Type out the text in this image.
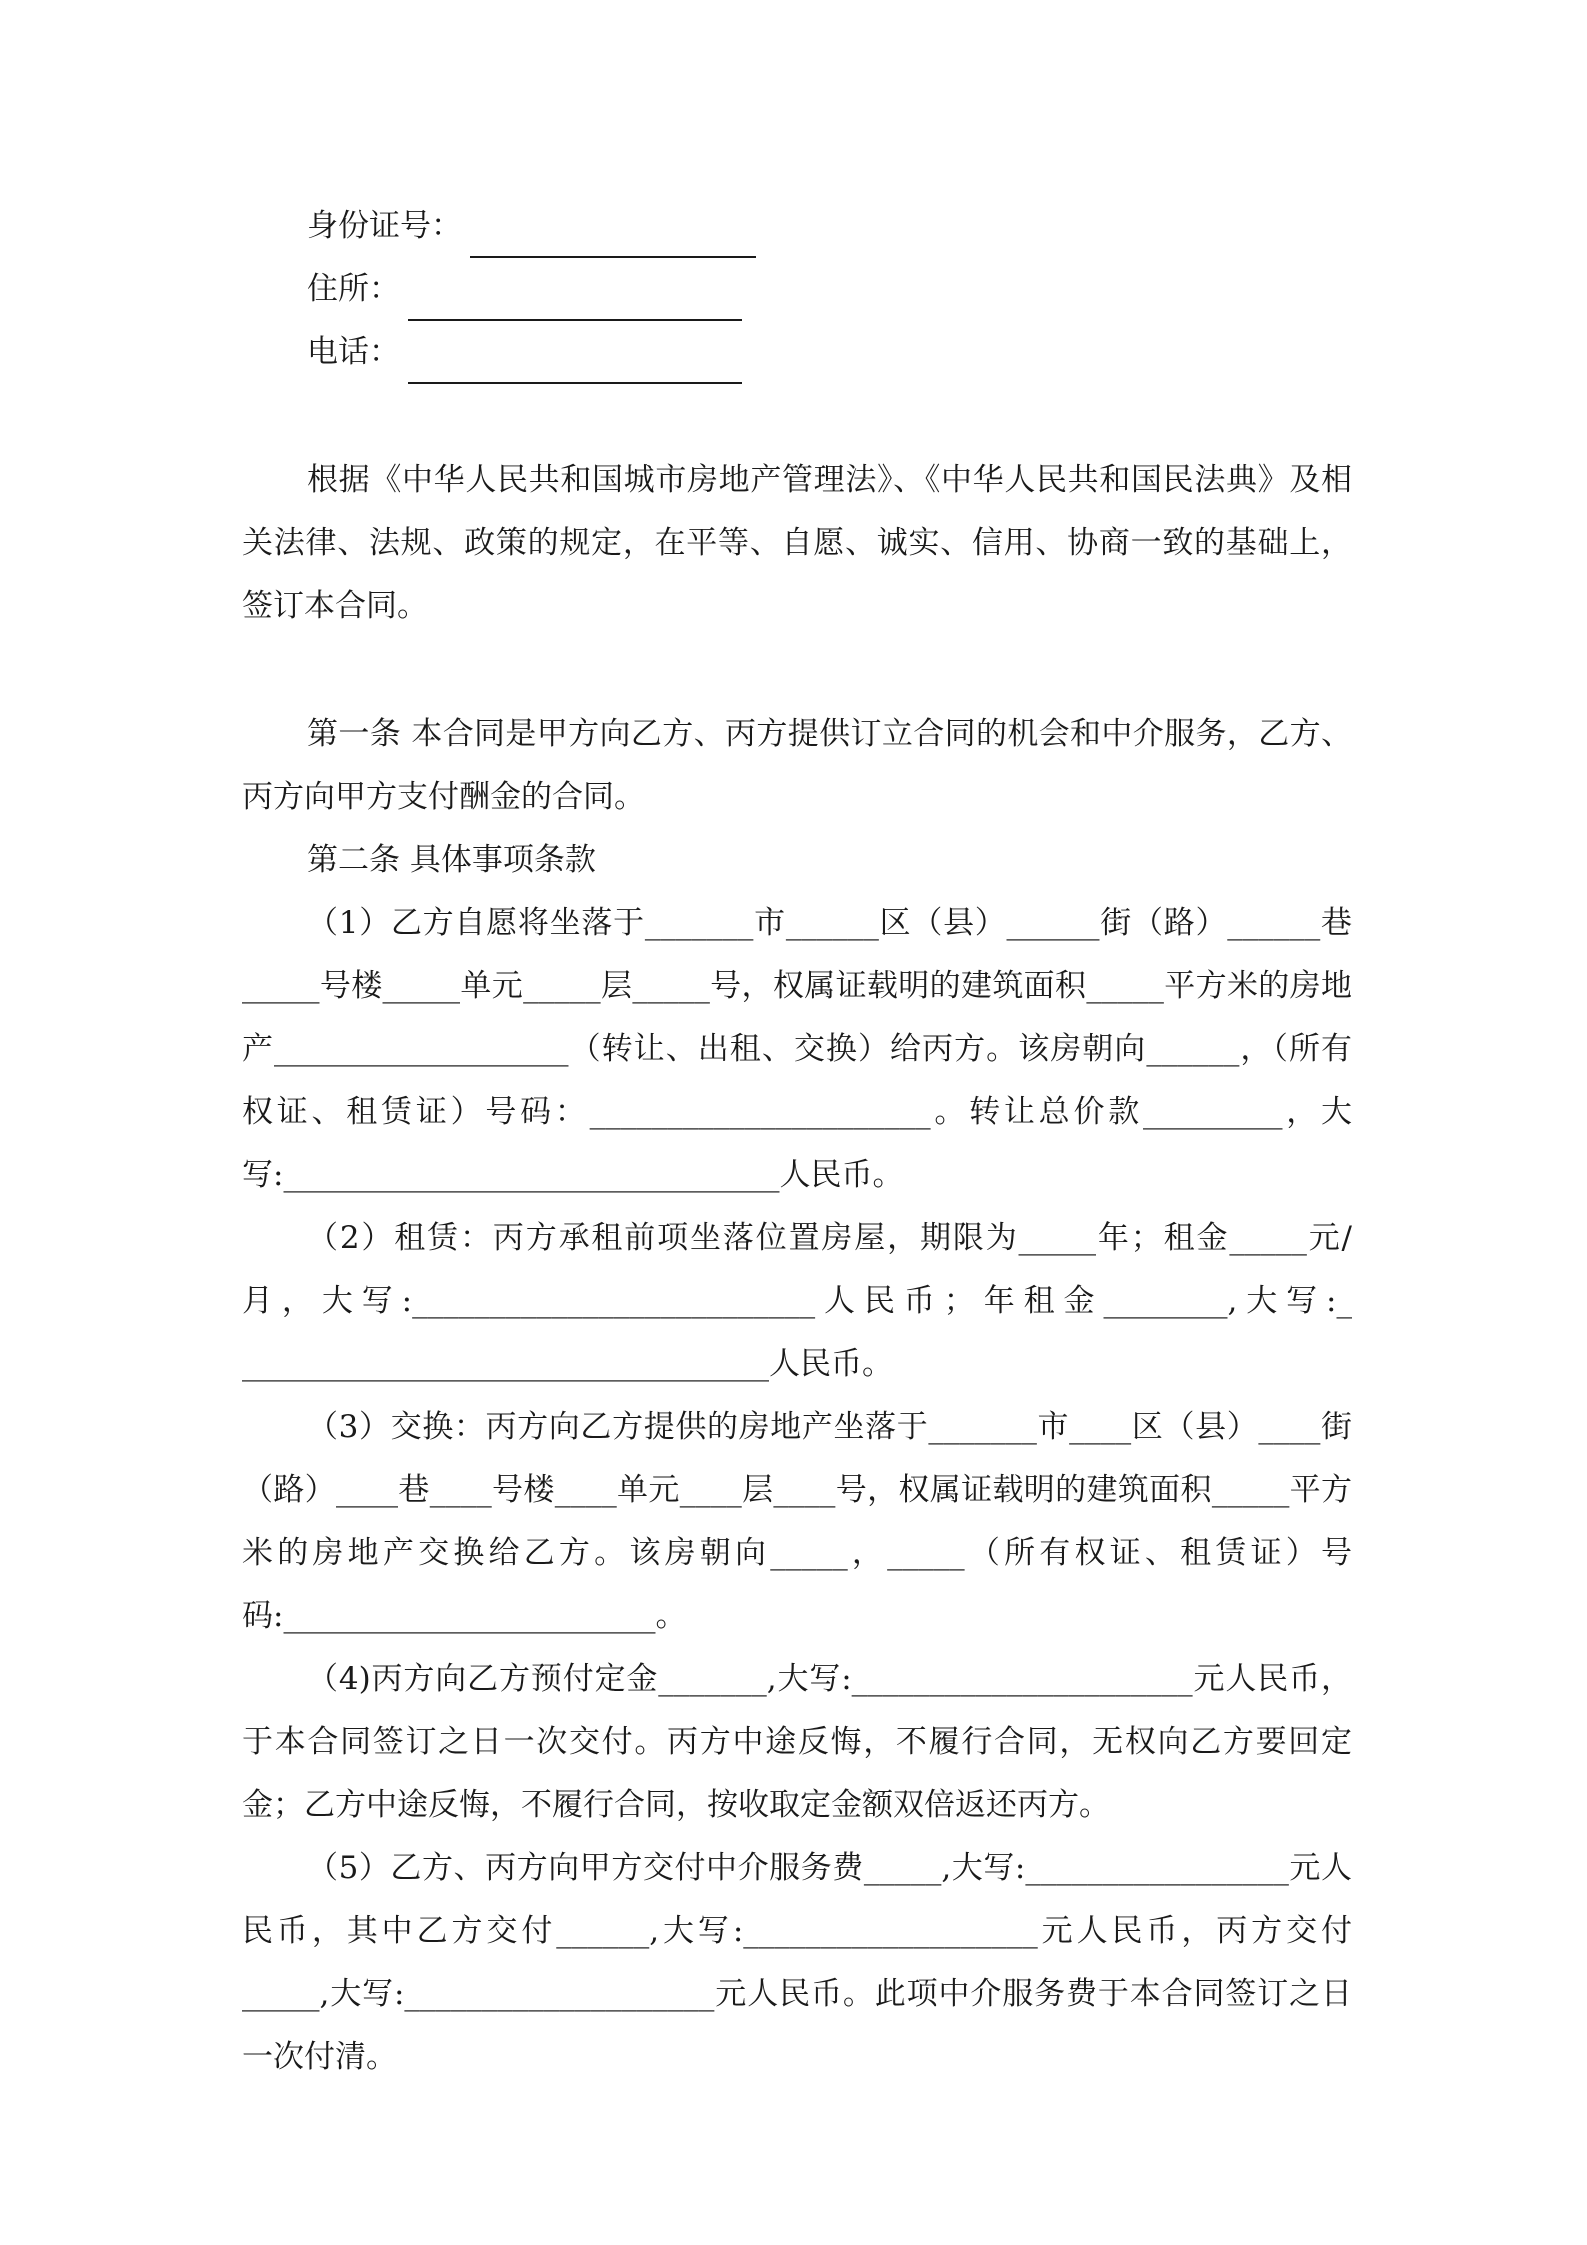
身份证号：
住所：
电话：

根据《中华人民共和国城市房地产管理法》、《中华人民共和国民法典》及相关法律、法规、政策的规定，在平等、自愿、诚实、信用、协商一致的基础上，签订本合同。

第一条 本合同是甲方向乙方、丙方提供订立合同的机会和中介服务，乙方、丙方向甲方支付酬金的合同。

第二条 具体事项条款

（1）乙方自愿将坐落于_______市______区（县）______街（路）______巷_____号楼_____单元_____层_____号，权属证载明的建筑面积_____平方米的房地产___________________（转让、出租、交换）给丙方。该房朝向______，（所有权证、租赁证）号码：______________________。转让总价款_________，大写:________________________________人民币。

（2）租赁：丙方承租前项坐落位置房屋，期限为_____年；租金_____元/月，大写:__________________________人民币；年租金________,大写:_ __________________________________人民币。

（3）交换：丙方向乙方提供的房地产坐落于_______市____区（县）____街（路）____巷____号楼____单元____层____号，权属证载明的建筑面积_____平方米的房地产交换给乙方。该房朝向_____，_____（所有权证、租赁证）号码:________________________。

（4)丙方向乙方预付定金_______,大写:______________________元人民币，于本合同签订之日一次交付。丙方中途反悔，不履行合同，无权向乙方要回定金；乙方中途反悔，不履行合同，按收取定金额双倍返还丙方。

（5）乙方、丙方向甲方交付中介服务费_____,大写:_________________元人民币，其中乙方交付______,大写:___________________元人民币，丙方交付_____,大写:____________________元人民币。此项中介服务费于本合同签订之日一次付清。
